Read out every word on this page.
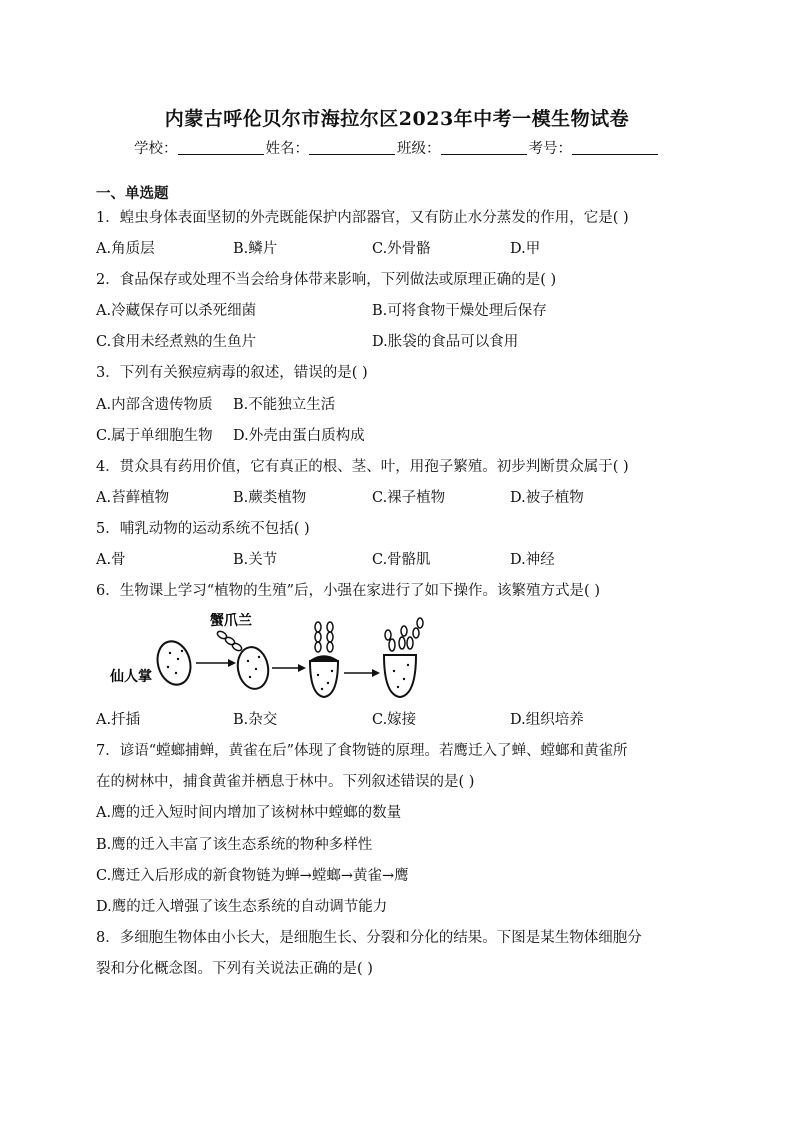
内蒙古呼伦贝尔市海拉尔区2023年中考一模生物试卷
学校：	姓名：	班级：	考号：
一、单选题
1．蝗虫身体表面坚韧的外壳既能保护内部器官，又有防止水分蒸发的作用，它是( )
A.角质层	B.鳞片	C.外骨骼	D.甲
2．食品保存或处理不当会给身体带来影响，下列做法或原理正确的是( )
A.冷藏保存可以杀死细菌	B.可将食物干燥处理后保存
C.食用未经煮熟的生鱼片	D.胀袋的食品可以食用
3．下列有关猴痘病毒的叙述，错误的是( )
A.内部含遗传物质 B.不能独立生活
C.属于单细胞生物 D.外壳由蛋白质构成
4．贯众具有药用价值，它有真正的根、茎、叶，用孢子繁殖。初步判断贯众属于( )
A.苔藓植物	B.蕨类植物	C.裸子植物	D.被子植物
5．哺乳动物的运动系统不包括( )
A.骨	B.关节	C.骨骼肌	D.神经
6．生物课上学习“植物的生殖”后，小强在家进行了如下操作。该繁殖方式是( )
仙人掌
蟹爪兰
A.扦插	B.杂交	C.嫁接	D.组织培养
7．谚语“螳螂捕蝉，黄雀在后”体现了食物链的原理。若鹰迁入了蝉、螳螂和黄雀所
在的树林中，捕食黄雀并栖息于林中。下列叙述错误的是( )
A.鹰的迁入短时间内增加了该树林中螳螂的数量
B.鹰的迁入丰富了该生态系统的物种多样性
C.鹰迁入后形成的新食物链为蝉→螳螂→黄雀→鹰
D.鹰的迁入增强了该生态系统的自动调节能力
8．多细胞生物体由小长大，是细胞生长、分裂和分化的结果。下图是某生物体细胞分
裂和分化概念图。下列有关说法正确的是( )
